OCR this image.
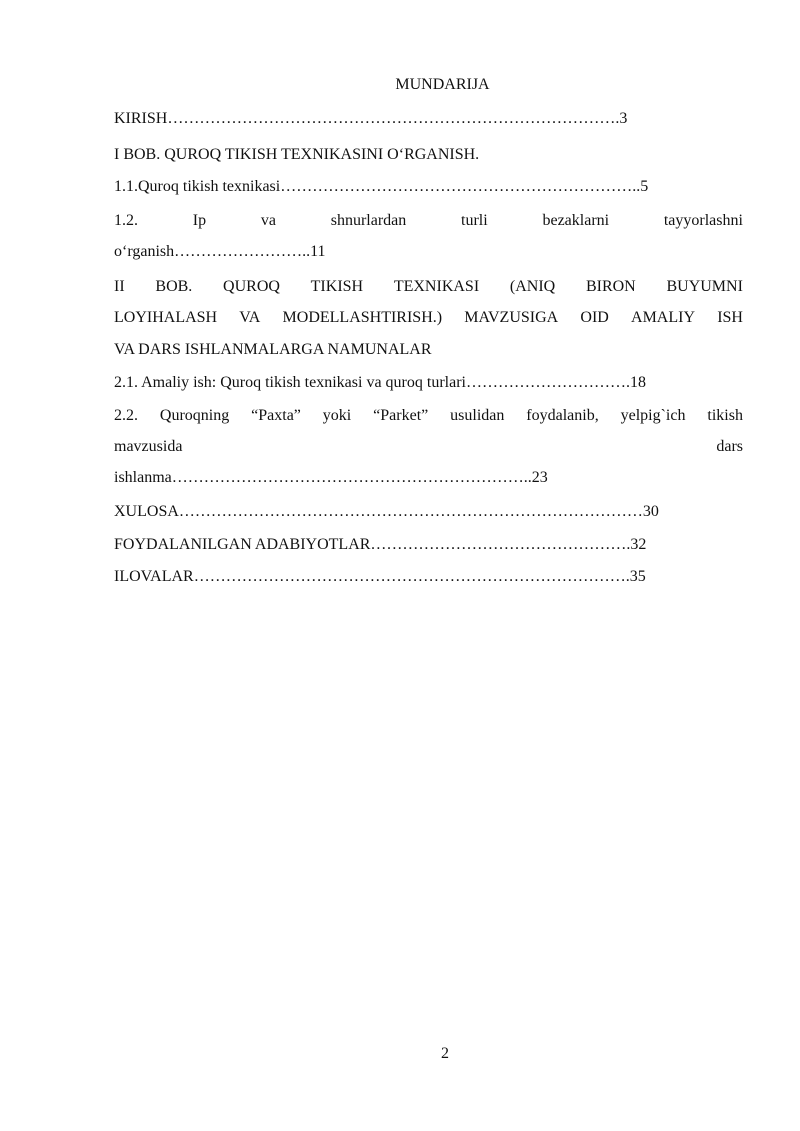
MUNDARIJA
KIRISH………………………………………………………………………….3
I BOB. QUROQ TIKISH TEXNIKASINI O‘RGANISH.
1.1.Quroq tikish texnikasi…………………………………………………………..5
1.2.	Ip	va	shnurlardan	turli	bezaklarni	tayyorlashni
o‘rganish……………………..11
II BOB. QUROQ TIKISH TEXNIKASI (ANIQ BIRON BUYUMNI
LOYIHALASH VA MODELLASHTIRISH.) MAVZUSIGA OID AMALIY ISH
VA DARS ISHLANMALARGA NAMUNALAR
2.1. Amaliy ish: Quroq tikish texnikasi va quroq turlari………………………….18
2.2. Quroqning “Paxta” yoki “Parket” usulidan foydalanib, yelpig`ich tikish
mavzusida	dars
ishlanma…………………………………………………………..23
XULOSA……………………………………………………………………………30
FOYDALANILGAN ADABIYOTLAR………………………………………….32
ILOVALAR……………………………………………………………………….35
2
